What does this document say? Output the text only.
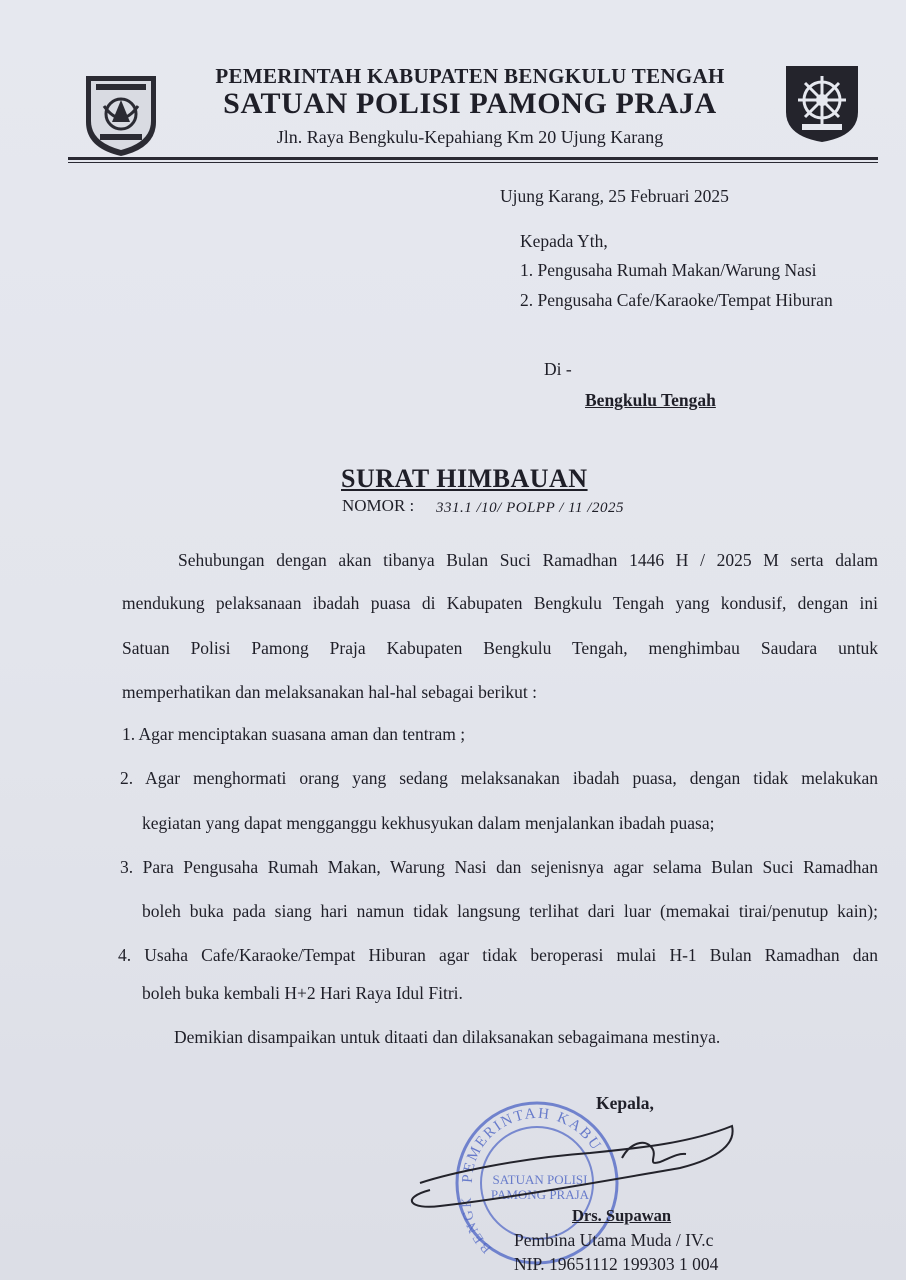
PEMERINTAH KABUPATEN BENGKULU TENGAH
SATUAN POLISI PAMONG PRAJA
Jln. Raya Bengkulu-Kepahiang Km 20 Ujung Karang
Ujung Karang, 25 Februari 2025
Kepada Yth,
1. Pengusaha Rumah Makan/Warung Nasi
2. Pengusaha Cafe/Karaoke/Tempat Hiburan
Di -
Bengkulu Tengah
SURAT HIMBAUAN
NOMOR : 331.1 /10/ POLPP / 11 /2025
Sehubungan dengan akan tibanya Bulan Suci Ramadhan 1446 H / 2025 M serta dalam
mendukung pelaksanaan ibadah puasa di Kabupaten Bengkulu Tengah yang kondusif, dengan ini
Satuan Polisi Pamong Praja Kabupaten Bengkulu Tengah, menghimbau Saudara untuk
memperhatikan dan melaksanakan hal-hal sebagai berikut :
1. Agar menciptakan suasana aman dan tentram ;
2. Agar menghormati orang yang sedang melaksanakan ibadah puasa, dengan tidak melakukan
kegiatan yang dapat mengganggu kekhusyukan dalam menjalankan ibadah puasa;
3. Para Pengusaha Rumah Makan, Warung Nasi dan sejenisnya agar selama Bulan Suci Ramadhan
boleh buka pada siang hari namun tidak langsung terlihat dari luar (memakai tirai/penutup kain);
4. Usaha Cafe/Karaoke/Tempat Hiburan agar tidak beroperasi mulai H-1 Bulan Ramadhan dan
boleh buka kembali H+2 Hari Raya Idul Fitri.
Demikian disampaikan untuk ditaati dan dilaksanakan sebagaimana mestinya.
Kepala,
PEMERINTAH KABU
BENGK
SATUAN POLISI
PAMONG PRAJA
Drs. Supawan
Pembina Utama Muda / IV.c
NIP. 19651112 199303 1 004
